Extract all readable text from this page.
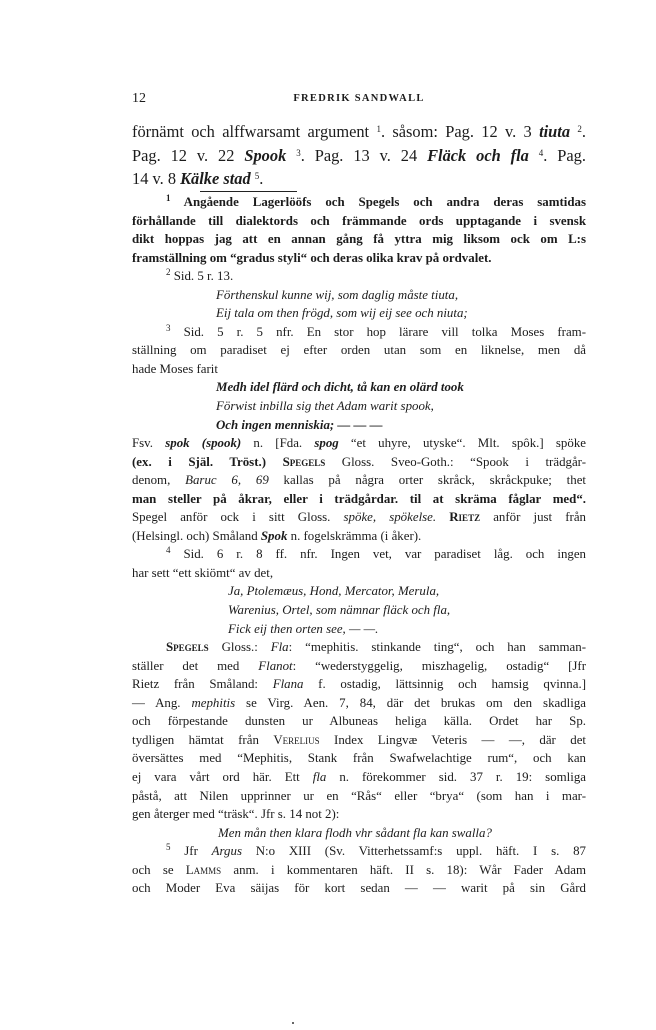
12	FREDRIK SANDWALL
förnämt och alffwarsamt argument $^1$. såsom: Pag. 12 v. 3 tiuta $^2$.
Pag. 12 v. 22 Spook $^3$. Pag. 13 v. 24 Fläck och fla $^4$. Pag.
14 v. 8 Kälke stad $^5$.
$^1$ Angående Lagerlööfs och Spegels och andra deras samtidas
förhållande till dialektords och främmande ords upptagande i svensk
dikt hoppas jag att en annan gång få yttra mig liksom ock om L:s
framställning om “gradus styli“ och deras olika krav på ordvalet.
$^2$ Sid. 5 r. 13.
Förthenskul kunne wij, som daglig måste tiuta,
Eij tala om then frögd, som wij eij see och niuta;
$^3$ Sid. 5 r. 5 nfr. En stor hop lärare vill tolka Moses fram-
ställning om paradiset ej efter orden utan som en liknelse, men då
hade Moses farit
Medh idel flärd och dicht, tå kan en olärd took
Förwist inbilla sig thet Adam warit spook,
Och ingen menniskia; — — —
Fsv. spok (spook) n. [Fda. spog “et uhyre, utyske“. Mlt. spôk.] spöke
(ex. i Själ. Tröst.) Spegels Gloss. Sveo-Goth.: “Spook i trädgår-
denom, Baruc 6, 69 kallas på några orter skråck, skråckpuke; thet
man steller på åkrar, eller i trädgårdar. til at skräma fåglar med“.
Spegel anför ock i sitt Gloss. spöke, spökelse. Rietz anför just från
(Helsingl. och) Småland Spok n. fogelskrämma (i åker).
$^4$ Sid. 6 r. 8 ff. nfr. Ingen vet, var paradiset låg. och ingen
har sett “ett skiömt“ av det,
Ja, Ptolemæus, Hond, Mercator, Merula,
Warenius, Ortel, som nämnar fläck och fla,
Fick eij then orten see, — —.
Spegels Gloss.: Fla: “mephitis. stinkande ting“, och han samman-
ställer det med Flanot: “wederstyggelig, miszhagelig, ostadig“ [Jfr
Rietz från Småland: Flana f. ostadig, lättsinnig och hamsig qvinna.]
— Ang. mephitis se Virg. Aen. 7, 84, där det brukas om den skadliga
och förpestande dunsten ur Albuneas heliga källa. Ordet har Sp.
tydligen hämtat från Verelius Index Lingvæ Veteris — —, där det
översättes med “Mephitis, Stank från Swafwelachtige rum“, och kan
ej vara vårt ord här. Ett fla n. förekommer sid. 37 r. 19: somliga
påstå, att Nilen upprinner ur en “Rås“ eller “brya“ (som han i mar-
gen återger med “träsk“. Jfr s. 14 not 2):
Men mån then klara flodh vhr sådant fla kan swalla?
$^5$ Jfr Argus N:o XIII (Sv. Vitterhetssamf:s uppl. häft. I s. 87
och se Lamms anm. i kommentaren häft. II s. 18): Wår Fader Adam
och Moder Eva säijas för kort sedan — — warit på sin Gård
